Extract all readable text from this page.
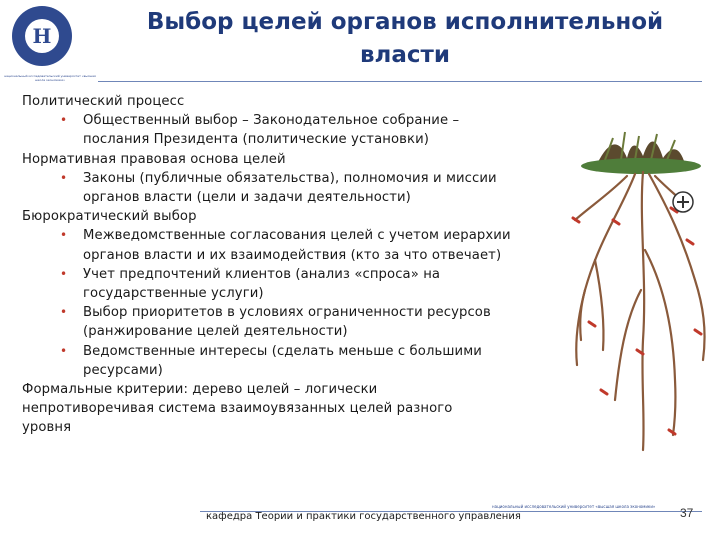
Н
национальный исследовательский университет «высшая школа экономики»
Выбор целей органов исполнительной
власти
Политический процесс
• Общественный выбор – Законодательное собрание –
послания Президента (политические установки)
Нормативная правовая основа целей
• Законы (публичные обязательства), полномочия и миссии
органов власти (цели и задачи деятельности)
Бюрократический выбор
• Межведомственные согласования целей с учетом иерархии
органов власти и их взаимодействия (кто за что отвечает)
• Учет предпочтений клиентов (анализ «спроса» на
государственные услуги)
• Выбор приоритетов в условиях ограниченности ресурсов
(ранжирование целей деятельности)
• Ведомственные интересы (сделать меньше с большими
ресурсами)
Формальные критерии: дерево целей – логически
непротиворечивая система взаимоувязанных целей разного
уровня
национальный исследовательский университет «высшая школа экономики»
кафедра Теории и практики государственного управления	37
